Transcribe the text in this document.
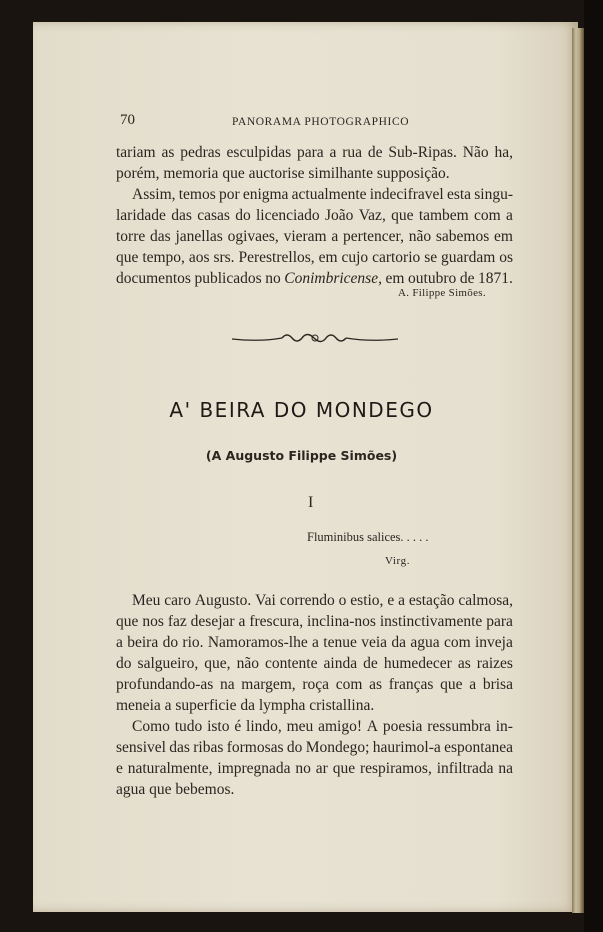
70	PANORAMA PHOTOGRAPHICO
tariam as pedras esculpidas para a rua de Sub-Ripas. Não ha,
porém, memoria que auctorise similhante supposição.
Assim, temos por enigma actualmente indecifravel esta singu-
laridade das casas do licenciado João Vaz, que tambem com a
torre das janellas ogivaes, vieram a pertencer, não sabemos em
que tempo, aos srs. Perestrellos, em cujo cartorio se guardam os
documentos publicados no Conimbricense, em outubro de 1871.
A. Filippe Simões.
A' BEIRA DO MONDEGO
(A Augusto Filippe Simões)
I
Fluminibus salices. . . . .
Virg.
Meu caro Augusto. Vai correndo o estio, e a estação calmosa,
que nos faz desejar a frescura, inclina-nos instinctivamente para
a beira do rio. Namoramos-lhe a tenue veia da agua com inveja
do salgueiro, que, não contente ainda de humedecer as raizes
profundando-as na margem, roça com as franças que a brisa
meneia a superficie da lympha cristallina.
Como tudo isto é lindo, meu amigo! A poesia ressumbra in-
sensivel das ribas formosas do Mondego; haurimol-a espontanea
e naturalmente, impregnada no ar que respiramos, infiltrada na
agua que bebemos.
